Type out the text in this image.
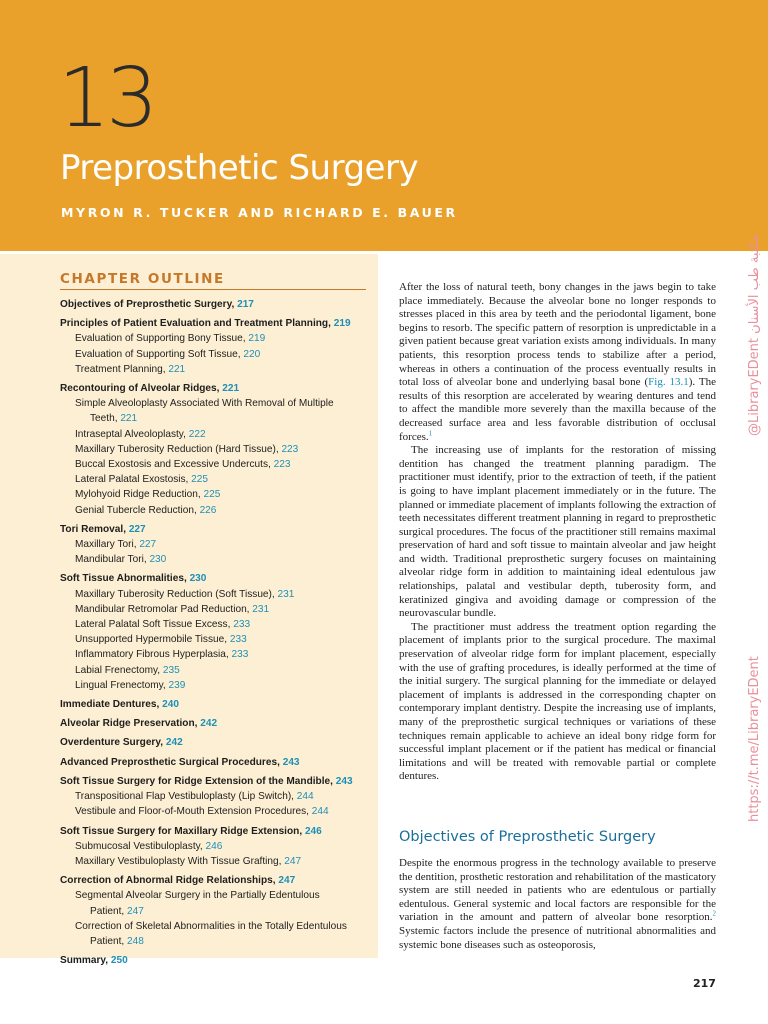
13
Preprosthetic Surgery
MYRON R. TUCKER AND RICHARD E. BAUER
CHAPTER OUTLINE
Objectives of Preprosthetic Surgery, 217
Principles of Patient Evaluation and Treatment Planning, 219
Evaluation of Supporting Bony Tissue, 219
Evaluation of Supporting Soft Tissue, 220
Treatment Planning, 221
Recontouring of Alveolar Ridges, 221
Simple Alveoloplasty Associated With Removal of Multiple
Teeth, 221
Intraseptal Alveoloplasty, 222
Maxillary Tuberosity Reduction (Hard Tissue), 223
Buccal Exostosis and Excessive Undercuts, 223
Lateral Palatal Exostosis, 225
Mylohyoid Ridge Reduction, 225
Genial Tubercle Reduction, 226
Tori Removal, 227
Maxillary Tori, 227
Mandibular Tori, 230
Soft Tissue Abnormalities, 230
Maxillary Tuberosity Reduction (Soft Tissue), 231
Mandibular Retromolar Pad Reduction, 231
Lateral Palatal Soft Tissue Excess, 233
Unsupported Hypermobile Tissue, 233
Inflammatory Fibrous Hyperplasia, 233
Labial Frenectomy, 235
Lingual Frenectomy, 239
Immediate Dentures, 240
Alveolar Ridge Preservation, 242
Overdenture Surgery, 242
Advanced Preprosthetic Surgical Procedures, 243
Soft Tissue Surgery for Ridge Extension of the Mandible, 243
Transpositional Flap Vestibuloplasty (Lip Switch), 244
Vestibule and Floor-of-Mouth Extension Procedures, 244
Soft Tissue Surgery for Maxillary Ridge Extension, 246
Submucosal Vestibuloplasty, 246
Maxillary Vestibuloplasty With Tissue Grafting, 247
Correction of Abnormal Ridge Relationships, 247
Segmental Alveolar Surgery in the Partially Edentulous
Patient, 247
Correction of Skeletal Abnormalities in the Totally Edentulous
Patient, 248
Summary, 250

After the loss of natural teeth, bony changes in the jaws begin to take place immediately. Because the alveolar bone no longer responds to stresses placed in this area by teeth and the periodontal ligament, bone begins to resorb. The specific pattern of resorption is unpredictable in a given patient because great variation exists among individuals. In many patients, this resorption process tends to stabilize after a period, whereas in others a continuation of the process eventually results in total loss of alveolar bone and underlying basal bone (Fig. 13.1). The results of this resorption are accelerated by wearing dentures and tend to affect the mandible more severely than the maxilla because of the decreased surface area and less favorable distribution of occlusal forces.$^1$

The increasing use of implants for the restoration of missing dentition has changed the treatment planning paradigm. The practitioner must identify, prior to the extraction of teeth, if the patient is going to have implant placement immediately or in the future. The planned or immediate placement of implants following the extraction of teeth necessitates different treatment planning in regard to preprosthetic surgical procedures. The focus of the practitioner still remains maximal preservation of hard and soft tissue to maintain alveolar and jaw height and width. Traditional preprosthetic surgery focuses on maintaining alveolar ridge form in addition to maintaining ideal edentulous jaw relationships, palatal and vestibular depth, tuberosity form, and keratinized gingiva and avoiding damage or compression of the neurovascular bundle.

The practitioner must address the treatment option regarding the placement of implants prior to the surgical procedure. The maximal preservation of alveolar ridge form for implant placement, especially with the use of grafting procedures, is ideally performed at the time of the initial surgery. The surgical planning for the immediate or delayed placement of implants is addressed in the corresponding chapter on contemporary implant dentistry. Despite the increasing use of implants, many of the preprosthetic surgical techniques or variations of these techniques remain applicable to achieve an ideal bony ridge form for successful implant placement or if the patient has medical or financial limitations and will be treated with removable partial or complete dentures.

Objectives of Preprosthetic Surgery

Despite the enormous progress in the technology available to preserve the dentition, prosthetic restoration and rehabilitation of the masticatory system are still needed in patients who are edentulous or partially edentulous. General systemic and local factors are responsible for the variation in the amount and pattern of alveolar bone resorption.$^2$ Systemic factors include the presence of nutritional abnormalities and systemic bone diseases such as osteoporosis,

217
@LibraryEDent مكتبة طب الأسنان
https://t.me/LibraryEDent
